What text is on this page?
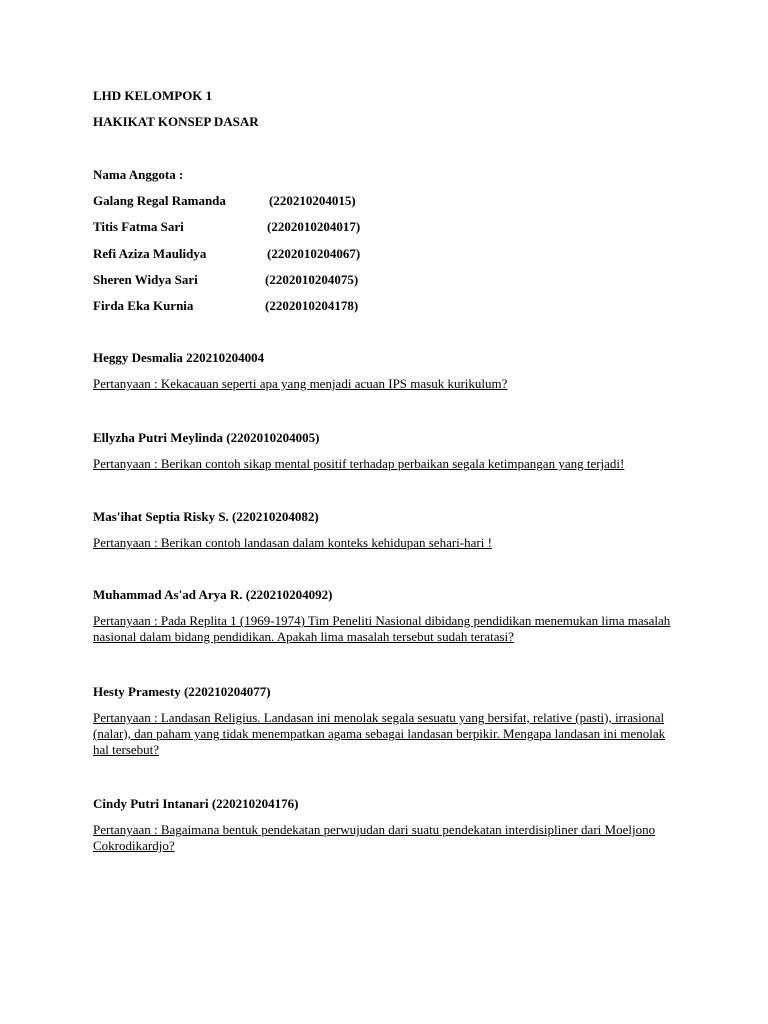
LHD KELOMPOK 1
HAKIKAT KONSEP DASAR
Nama Anggota :
Galang Regal Ramanda	(220210204015)
Titis Fatma Sari	(2202010204017)
Refi Aziza Maulidya	(2202010204067)
Sheren Widya Sari	(2202010204075)
Firda Eka Kurnia	(2202010204178)
Heggy Desmalia 220210204004
Pertanyaan : Kekacauan seperti apa yang menjadi acuan IPS masuk kurikulum?
Ellyzha Putri Meylinda (2202010204005)
Pertanyaan : Berikan contoh sikap mental positif terhadap perbaikan segala ketimpangan yang terjadi!
Mas'ihat Septia Risky S. (220210204082)
Pertanyaan : Berikan contoh landasan dalam konteks kehidupan sehari-hari !
Muhammad As'ad Arya R. (220210204092)
Pertanyaan : Pada Replita 1 (1969-1974) Tim Peneliti Nasional dibidang pendidikan menemukan lima masalah nasional dalam bidang pendidikan. Apakah lima masalah tersebut sudah teratasi?
Hesty Pramesty (220210204077)
Pertanyaan : Landasan Religius. Landasan ini menolak segala sesuatu yang bersifat, relative (pasti), irrasional (nalar), dan paham yang tidak menempatkan agama sebagai landasan berpikir. Mengapa landasan ini menolak hal tersebut?
Cindy Putri Intanari (220210204176)
Pertanyaan : Bagaimana bentuk pendekatan perwujudan dari suatu pendekatan interdisipliner dari Moeljono Cokrodikardjo?
